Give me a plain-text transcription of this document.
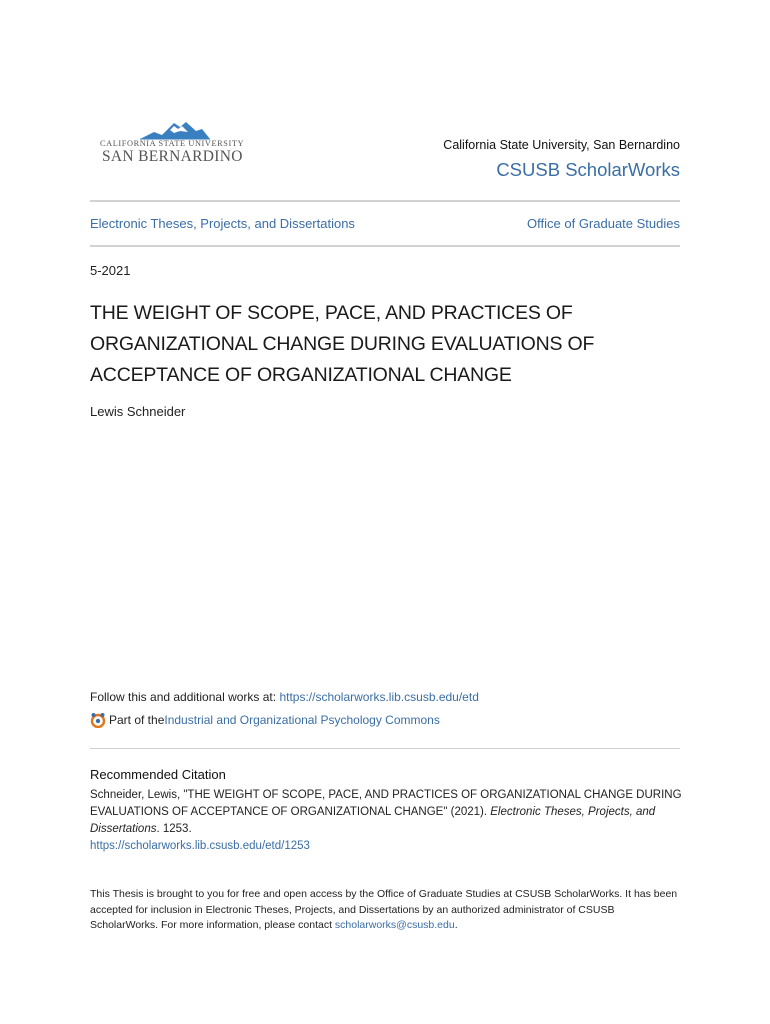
CALIFORNIA STATE UNIVERSITY
SAN BERNARDINO
California State University, San Bernardino
CSUSB ScholarWorks
Electronic Theses, Projects, and Dissertations	Office of Graduate Studies
5-2021
THE WEIGHT OF SCOPE, PACE, AND PRACTICES OF ORGANIZATIONAL CHANGE DURING EVALUATIONS OF ACCEPTANCE OF ORGANIZATIONAL CHANGE
Lewis Schneider
Follow this and additional works at: https://scholarworks.lib.csusb.edu/etd
Part of the Industrial and Organizational Psychology Commons
Recommended Citation
Schneider, Lewis, "THE WEIGHT OF SCOPE, PACE, AND PRACTICES OF ORGANIZATIONAL CHANGE DURING EVALUATIONS OF ACCEPTANCE OF ORGANIZATIONAL CHANGE" (2021). Electronic Theses, Projects, and Dissertations. 1253.
https://scholarworks.lib.csusb.edu/etd/1253
This Thesis is brought to you for free and open access by the Office of Graduate Studies at CSUSB ScholarWorks. It has been accepted for inclusion in Electronic Theses, Projects, and Dissertations by an authorized administrator of CSUSB ScholarWorks. For more information, please contact scholarworks@csusb.edu.
